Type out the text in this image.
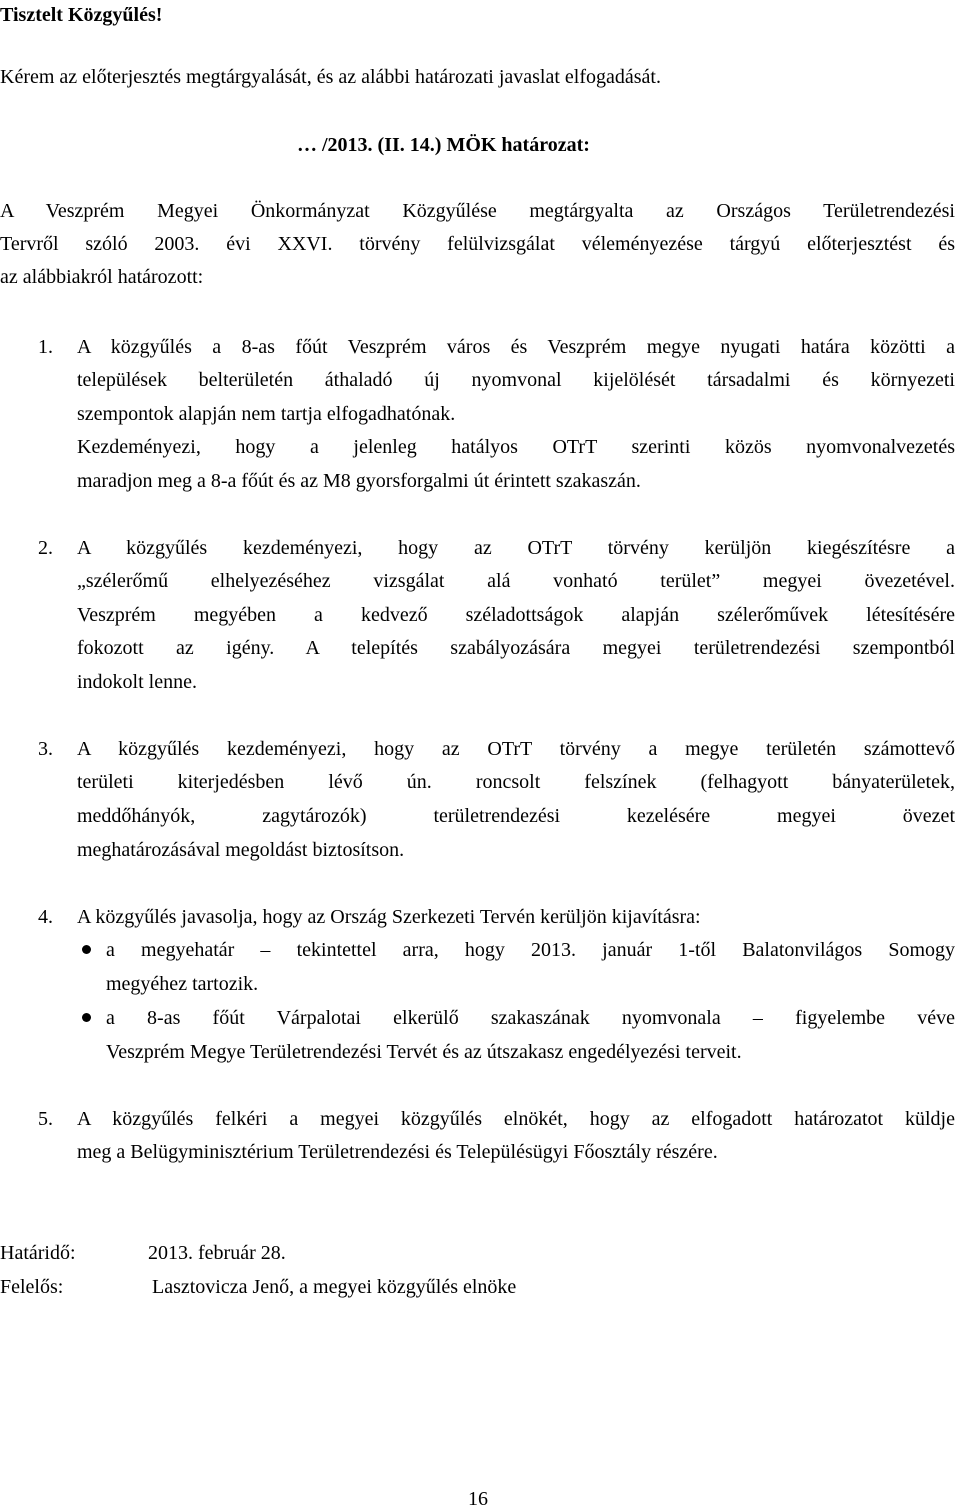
Tisztelt Közgyűlés!
Kérem az előterjesztés megtárgyalását, és az alábbi határozati javaslat elfogadását.
… /2013. (II. 14.) MÖK határozat:
A Veszprém Megyei Önkormányzat Közgyűlése megtárgyalta az Országos Területrendezési
Tervről szóló 2003. évi XXVI. törvény felülvizsgálat véleményezése tárgyú előterjesztést és
az alábbiakról határozott:
1. A közgyűlés a 8-as főút Veszprém város és Veszprém megye nyugati határa közötti a
települések belterületén áthaladó új nyomvonal kijelölését társadalmi és környezeti
szempontok alapján nem tartja elfogadhatónak.
Kezdeményezi, hogy a jelenleg hatályos OTrT szerinti közös nyomvonalvezetés
maradjon meg a 8-a főút és az M8 gyorsforgalmi út érintett szakaszán.
2. A közgyűlés kezdeményezi, hogy az OTrT törvény kerüljön kiegészítésre a
„szélerőmű elhelyezéséhez vizsgálat alá vonható terület” megyei övezetével.
Veszprém megyében a kedvező széladottságok alapján szélerőművek létesítésére
fokozott az igény. A telepítés szabályozására megyei területrendezési szempontból
indokolt lenne.
3. A közgyűlés kezdeményezi, hogy az OTrT törvény a megye területén számottevő
területi kiterjedésben lévő ún. roncsolt felszínek (felhagyott bányaterületek,
meddőhányók, zagytározók) területrendezési kezelésére megyei övezet
meghatározásával megoldást biztosítson.
4. A közgyűlés javasolja, hogy az Ország Szerkezeti Tervén kerüljön kijavításra:
a megyehatár – tekintettel arra, hogy 2013. január 1-től Balatonvilágos Somogy
megyéhez tartozik.
a 8-as főút Várpalotai elkerülő szakaszának nyomvonala – figyelembe véve
Veszprém Megye Területrendezési Tervét és az útszakasz engedélyezési terveit.
5. A közgyűlés felkéri a megyei közgyűlés elnökét, hogy az elfogadott határozatot küldje
meg a Belügyminisztérium Területrendezési és Településügyi Főosztály részére.
Határidő:	2013. február 28.
Felelős:	Lasztovicza Jenő, a megyei közgyűlés elnöke
16
